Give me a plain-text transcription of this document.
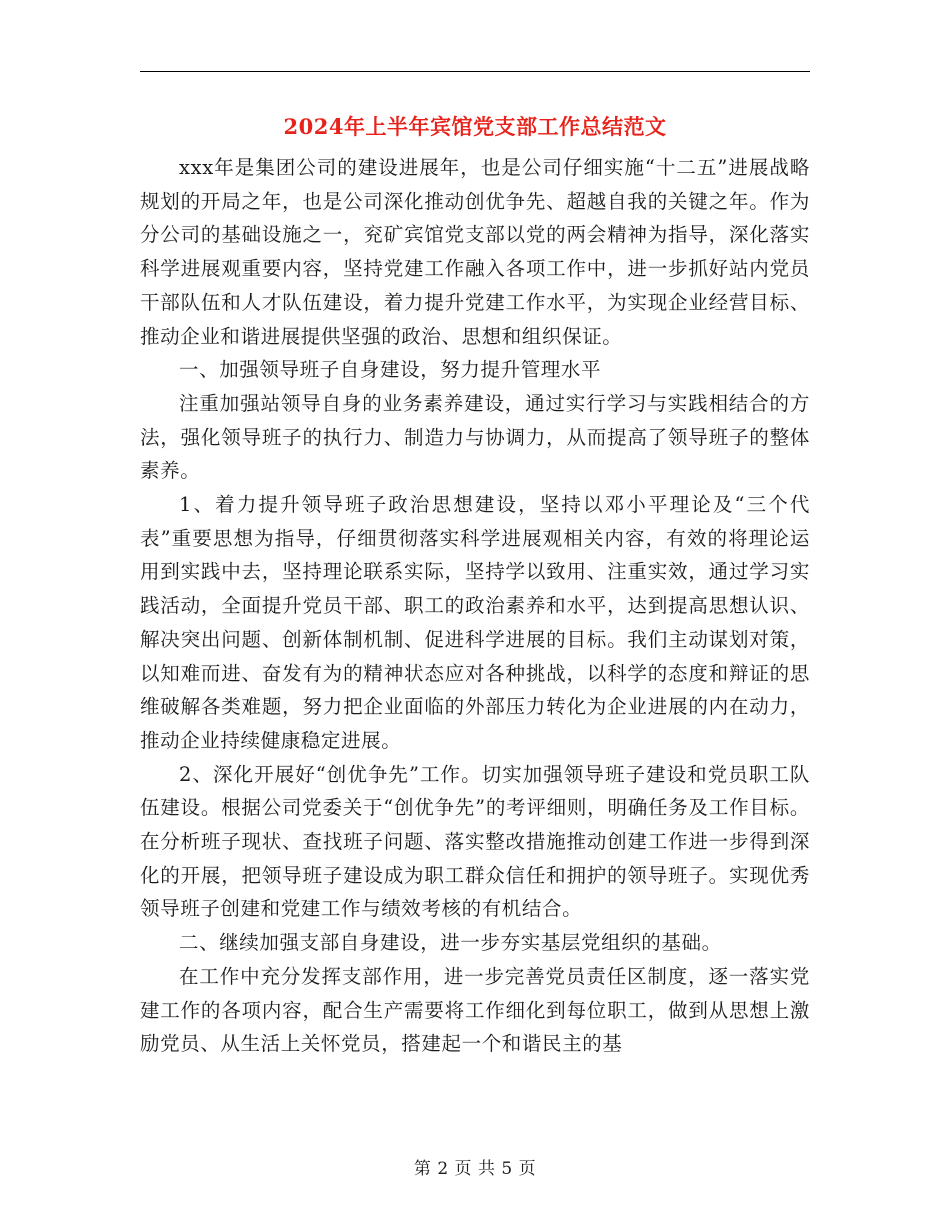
2024年上半年宾馆党支部工作总结范文

xxx年是集团公司的建设进展年，也是公司仔细实施“十二五”进展战略规划的开局之年，也是公司深化推动创优争先、超越自我的关键之年。作为分公司的基础设施之一，兖矿宾馆党支部以党的两会精神为指导，深化落实科学进展观重要内容，坚持党建工作融入各项工作中，进一步抓好站内党员干部队伍和人才队伍建设，着力提升党建工作水平，为实现企业经营目标、推动企业和谐进展提供坚强的政治、思想和组织保证。

一、加强领导班子自身建设，努力提升管理水平

注重加强站领导自身的业务素养建设，通过实行学习与实践相结合的方法，强化领导班子的执行力、制造力与协调力，从而提高了领导班子的整体素养。

1、着力提升领导班子政治思想建设，坚持以邓小平理论及“三个代表”重要思想为指导，仔细贯彻落实科学进展观相关内容，有效的将理论运用到实践中去，坚持理论联系实际，坚持学以致用、注重实效，通过学习实践活动，全面提升党员干部、职工的政治素养和水平，达到提高思想认识、解决突出问题、创新体制机制、促进科学进展的目标。我们主动谋划对策，以知难而进、奋发有为的精神状态应对各种挑战，以科学的态度和辩证的思维破解各类难题，努力把企业面临的外部压力转化为企业进展的内在动力，推动企业持续健康稳定进展。

2、深化开展好“创优争先”工作。切实加强领导班子建设和党员职工队伍建设。根据公司党委关于“创优争先”的考评细则，明确任务及工作目标。在分析班子现状、查找班子问题、落实整改措施推动创建工作进一步得到深化的开展，把领导班子建设成为职工群众信任和拥护的领导班子。实现优秀领导班子创建和党建工作与绩效考核的有机结合。

二、继续加强支部自身建设，进一步夯实基层党组织的基础。

在工作中充分发挥支部作用，进一步完善党员责任区制度，逐一落实党建工作的各项内容，配合生产需要将工作细化到每位职工，做到从思想上激励党员、从生活上关怀党员，搭建起一个和谐民主的基

第 2 页 共 5 页
